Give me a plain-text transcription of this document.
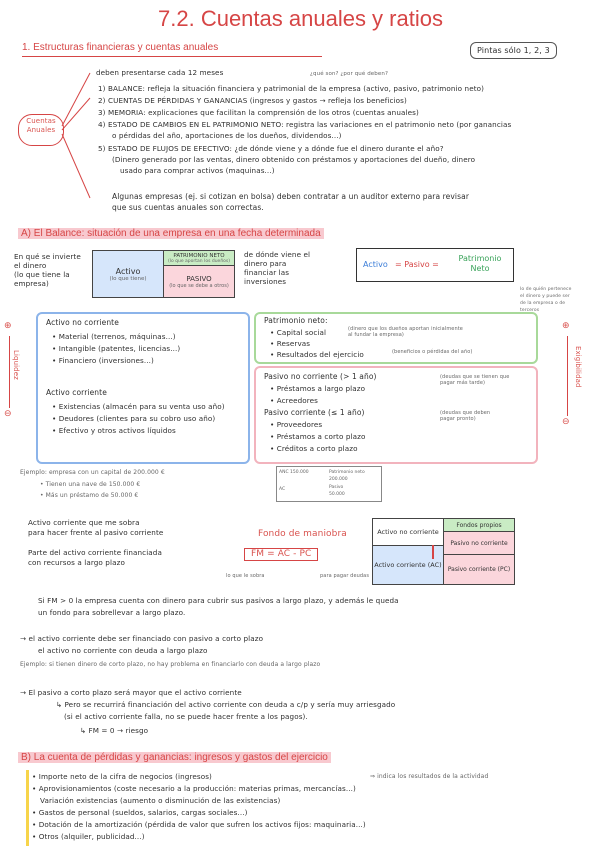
7.2. Cuentas anuales y ratios
1. Estructuras financieras y cuentas anuales	Pintas sólo 1, 2, 3
Cuentas Anuales
deben presentarse cada 12 meses	¿qué son? ¿por qué deben?
1) BALANCE: refleja la situación financiera y patrimonial de la empresa (activo, pasivo, patrimonio neto)
2) CUENTAS DE PÉRDIDAS Y GANANCIAS (ingresos y gastos → refleja los beneficios)
3) MEMORIA: explicaciones que facilitan la comprensión de los otros (cuentas anuales)
4) ESTADO DE CAMBIOS EN EL PATRIMONIO NETO: registra las variaciones en el patrimonio neto (por ganancias
o pérdidas del año, aportaciones de los dueños, dividendos...)
5) ESTADO DE FLUJOS DE EFECTIVO: ¿de dónde viene y a dónde fue el dinero durante el año?
(Dinero generado por las ventas, dinero obtenido con préstamos y aportaciones del dueño, dinero
usado para comprar activos (maquinas...)
Algunas empresas (ej. si cotizan en bolsa) deben contratar a un auditor externo para revisar
que sus cuentas anuales son correctas.
A) El Balance: situación de una empresa en una fecha determinada
En qué se invierte
el dinero
(lo que tiene la
empresa)
Activo
(lo que tiene)
PATRIMONIO NETO
(lo que aportan los dueños)
PASIVO
(lo que se debe a otros)
de dónde viene el
dinero para
financiar las
inversiones
Activo = Pasivo =
Patrimonio Neto
lo de quién pertenece
el dinero y puede ser
de la empresa o de
terceros
⊕
Liquidez
⊖
Activo no corriente
• Material (terrenos, máquinas...)
• Intangible (patentes, licencias...)
• Financiero (inversiones...)
Activo corriente
• Existencias (almacén para su venta uso año)
• Deudores (clientes para su cobro uso año)
• Efectivo y otros activos líquidos
Patrimonio neto:
• Capital social
• Reservas
• Resultados del ejercicio
(dinero que los dueños aportan inicialmente al fundar la empresa)
(beneficios o pérdidas del año)
Pasivo no corriente (> 1 año)
• Préstamos a largo plazo
• Acreedores
(deudas que se tienen que pagar más tarde)
Pasivo corriente (≤ 1 año)
• Proveedores
• Préstamos a corto plazo
• Créditos a corto plazo
(deudas que deben pagar pronto)
⊕
Exigibilidad
⊖
Ejemplo: empresa con un capital de 200.000 €
• Tienen una nave de 150.000 €
• Más un préstamo de 50.000 €
ANC 150.000	Patrimonio neto
200.000
AC	Pasivo
50.000
Activo corriente que me sobra
para hacer frente al pasivo corriente
Parte del activo corriente financiada
con recursos a largo plazo
Fondo de maniobra
FM = AC - PC
lo que le sobra	para pagar deudas
Activo no corriente
Activo corriente (AC)
Fondos propios
Pasivo no corriente
Pasivo corriente (PC)
Si FM > 0 la empresa cuenta con dinero para cubrir sus pasivos a largo plazo, y además le queda
un fondo para sobrellevar a largo plazo.
→ el activo corriente debe ser financiado con pasivo a corto plazo
el activo no corriente con deuda a largo plazo
Ejemplo: si tienen dinero de corto plazo, no hay problema en financiarlo con deuda a largo plazo
→ El pasivo a corto plazo será mayor que el activo corriente
↳ Pero se recurrirá financiación del activo corriente con deuda a c/p y sería muy arriesgado
(si el activo corriente falla, no se puede hacer frente a los pagos).
↳ FM = 0 → riesgo
B) La cuenta de pérdidas y ganancias: ingresos y gastos del ejercicio
• Importe neto de la cifra de negocios (ingresos)	⇒ indica los resultados de la actividad
• Aprovisionamientos (coste necesario a la producción: materias primas, mercancías...)
Variación existencias (aumento o disminución de las existencias)
• Gastos de personal (sueldos, salarios, cargas sociales...)
• Dotación de la amortización (pérdida de valor que sufren los activos fijos: maquinaria...)
• Otros (alquiler, publicidad...)
